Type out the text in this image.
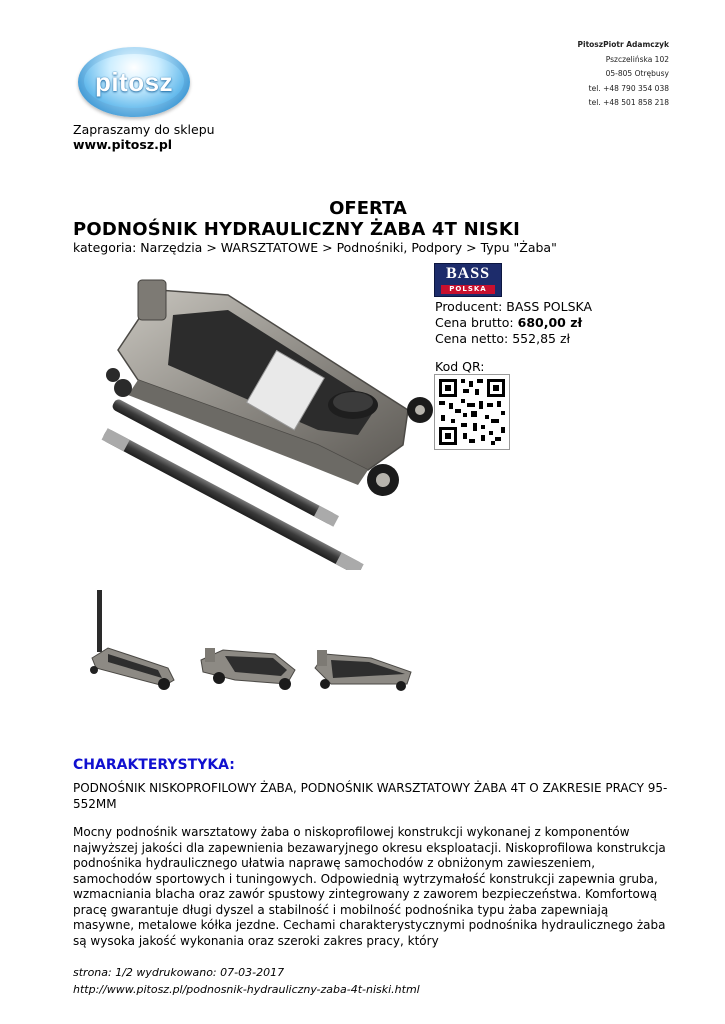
pitosz
PitoszPiotr Adamczyk
Pszczelińska 102
05-805 Otrębusy
tel. +48 790 354 038
tel. +48 501 858 218
Zapraszamy do sklepu
www.pitosz.pl
OFERTA
PODNOŚNIK HYDRAULICZNY ŻABA 4T NISKI
kategoria: Narzędzia > WARSZTATOWE > Podnośniki, Podpory > Typu "Żaba"
BASS
POLSKA
Producent: BASS POLSKA
Cena brutto: 680,00 zł
Cena netto: 552,85 zł
Kod QR:
CHARAKTERYSTYKA:
PODNOŚNIK NISKOPROFILOWY ŻABA, PODNOŚNIK WARSZTATOWY ŻABA 4T O ZAKRESIE PRACY 95-552MM
Mocny podnośnik warsztatowy żaba o niskoprofilowej konstrukcji wykonanej z komponentów najwyższej jakości dla zapewnienia bezawaryjnego okresu eksploatacji. Niskoprofilowa konstrukcja podnośnika hydraulicznego ułatwia naprawę samochodów z obniżonym zawieszeniem, samochodów sportowych i tuningowych. Odpowiednią wytrzymałość konstrukcji zapewnia gruba, wzmacniania blacha oraz zawór spustowy zintegrowany z zaworem bezpieczeństwa. Komfortową pracę gwarantuje długi dyszel a stabilność i mobilność podnośnika typu żaba zapewniają masywne, metalowe kółka jezdne. Cechami charakterystycznymi podnośnika hydraulicznego żaba są wysoka jakość wykonania oraz szeroki zakres pracy, który
strona: 1/2 wydrukowano: 07-03-2017
http://www.pitosz.pl/podnosnik-hydrauliczny-zaba-4t-niski.html
